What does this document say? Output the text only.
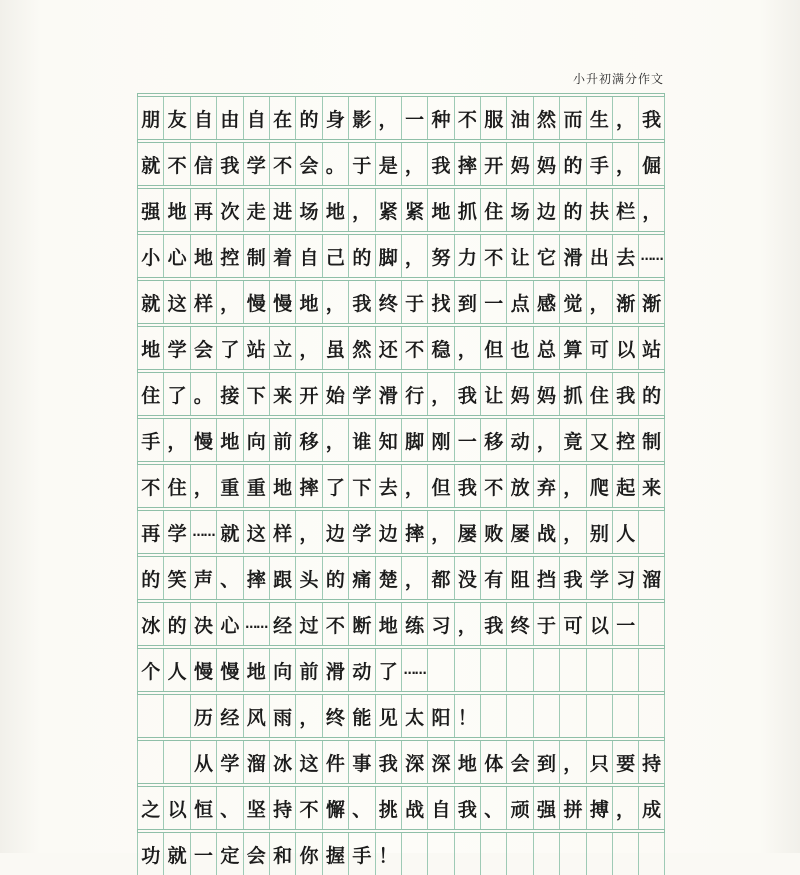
小升初满分作文
朋 友 自 由 自 在 的 身 影 ， 一 种 不 服 油 然 而 生 ， 我
就 不 信 我 学 不 会 。 于 是 ， 我 摔 开 妈 妈 的 手 ， 倔
强 地 再 次 走 进 场 地 ， 紧 紧 地 抓 住 场 边 的 扶 栏 ，
小 心 地 控 制 着 自 己 的 脚 ， 努 力 不 让 它 滑 出 去 ……
就 这 样 ， 慢 慢 地 ， 我 终 于 找 到 一 点 感 觉 ， 渐 渐
地 学 会 了 站 立 ， 虽 然 还 不 稳 ， 但 也 总 算 可 以 站
住 了 。 接 下 来 开 始 学 滑 行 ， 我 让 妈 妈 抓 住 我 的
手 ， 慢 地 向 前 移 ， 谁 知 脚 刚 一 移 动 ， 竟 又 控 制
不 住 ， 重 重 地 摔 了 下 去 ， 但 我 不 放 弃 ， 爬 起 来
再 学 …… 就 这 样 ， 边 学 边 摔 ， 屡 败 屡 战 ， 别 人
的 笑 声 、 摔 跟 头 的 痛 楚 ， 都 没 有 阻 挡 我 学 习 溜
冰 的 决 心 …… 经 过 不 断 地 练 习 ， 我 终 于 可 以 一
个 人 慢 慢 地 向 前 滑 动 了 ……
历 经 风 雨 ， 终 能 见 太 阳 ！
从 学 溜 冰 这 件 事 我 深 深 地 体 会 到 ， 只 要 持
之 以 恒 、 坚 持 不 懈 、 挑 战 自 我 、 顽 强 拼 搏 ， 成
功 就 一 定 会 和 你 握 手 ！
